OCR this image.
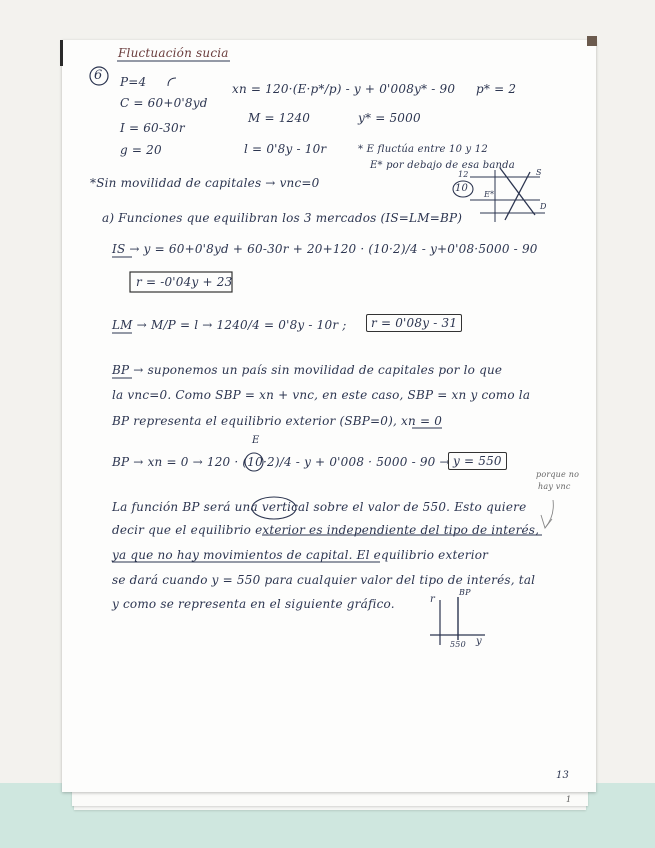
6
Fluctuación sucia
P=4
C = 60+0'8yd
I = 60-30r
g = 20
xn = 120·(E·p*/p) - y + 0'008y* - 90 p* = 2
M = 1240	y* = 5000
l = 0'8y - 10r	* E fluctúa entre 10 y 12
E* por debajo de esa banda
12
10
E*
S
D
*Sin movilidad de capitales → vnc=0
a) Funciones que equilibran los 3 mercados (IS=LM=BP)
IS → y = 60+0'8yd + 60-30r + 20+120 · (10·2)/4 - y+0'08·5000 - 90
r = -0'04y + 23
LM → M/P = l → 1240/4 = 0'8y - 10r ;	r = 0'08y - 31
BP → suponemos un país sin movilidad de capitales por lo que
la vnc=0. Como SBP = xn + vnc, en este caso, SBP = xn y como la
BP representa el equilibrio exterior (SBP=0), xn = 0
E
BP → xn = 0 → 120 · (10·2)/4 - y + 0'008 · 5000 - 90 → y = 550
porque no
hay vnc
La función BP será una vertical sobre el valor de 550. Esto quiere
decir que el equilibrio exterior es independiente del tipo de interés,
ya que no hay movimientos de capital. El equilibrio exterior
se dará cuando y = 550 para cualquier valor del tipo de interés, tal
y como se representa en el siguiente gráfico.	r
BP
550 y
13
1
